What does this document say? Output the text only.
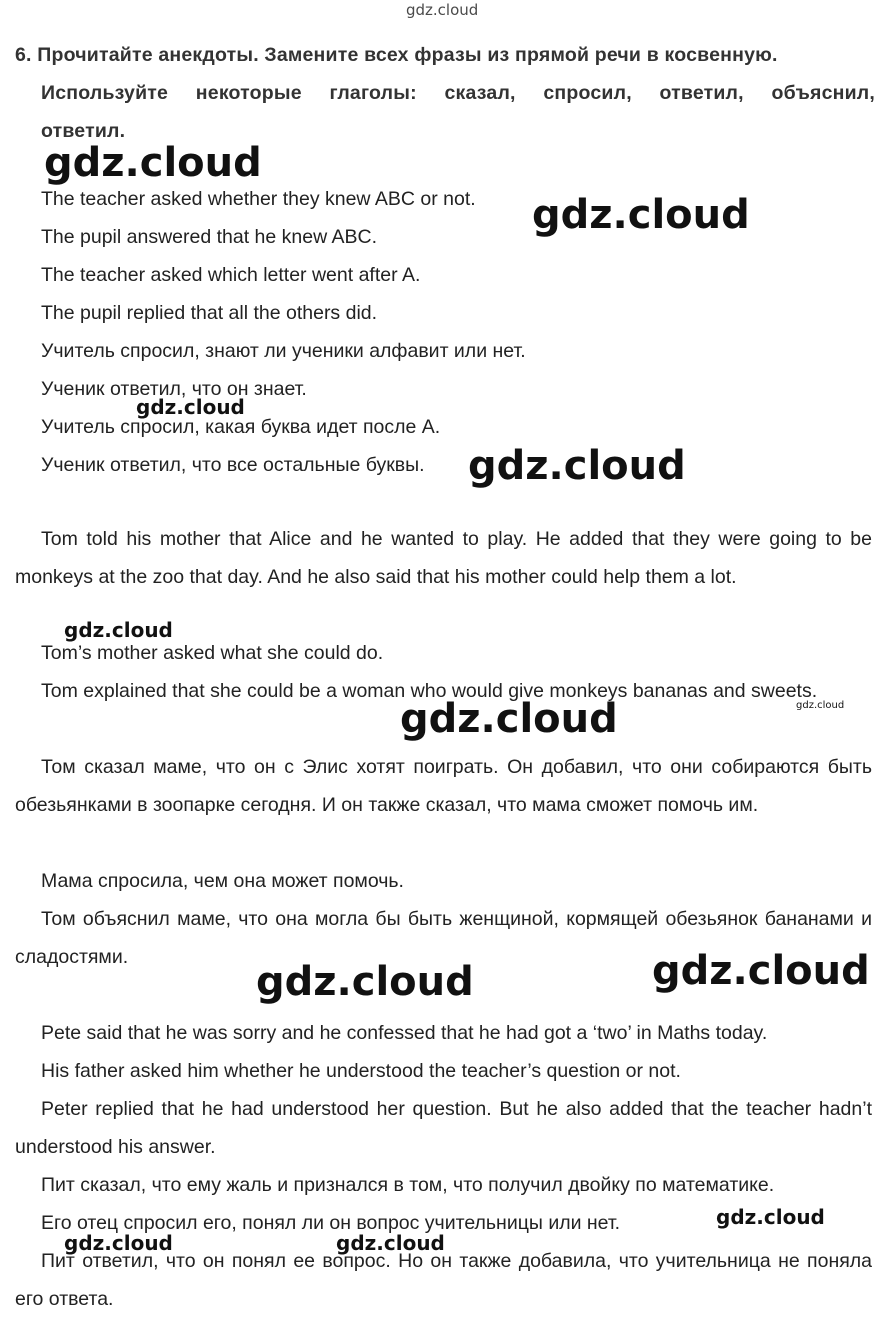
gdz.cloud
6. Прочитайте анекдоты. Замените всех фразы из прямой речи в косвенную.
Используйте некоторые глаголы: сказал, спросил, ответил, объяснил,
ответил.
The teacher asked whether they knew ABC or not.
The pupil answered that he knew ABC.
The teacher asked which letter went after A.
The pupil replied that all the others did.
Учитель спросил, знают ли ученики алфавит или нет.
Ученик ответил, что он знает.
Учитель спросил, какая буква идет после А.
Ученик ответил, что все остальные буквы.
Tom told his mother that Alice and he wanted to play. He added that they were going to be monkeys at the zoo that day. And he also said that his mother could help them a lot.
Tom’s mother asked what she could do.
Tom explained that she could be a woman who would give monkeys bananas and sweets.
Том сказал маме, что он с Элис хотят поиграть. Он добавил, что они собираются быть обезьянками в зоопарке сегодня. И он также сказал, что мама сможет помочь им.
Мама спросила, чем она может помочь.
Том объяснил маме, что она могла бы быть женщиной, кормящей обезьянок бананами и сладостями.
Pete said that he was sorry and he confessed that he had got a ‘two’ in Maths today.
His father asked him whether he understood the teacher’s question or not.
Peter replied that he had understood her question. But he also added that the teacher hadn’t understood his answer.
Пит сказал, что ему жаль и признался в том, что получил двойку по математике.
Его отец спросил его, понял ли он вопрос учительницы или нет.
Пит ответил, что он понял ее вопрос. Но он также добавила, что учительница не поняла его ответа.
gdz.cloud
gdz.cloud
gdz.cloud
gdz.cloud
gdz.cloud
gdz.cloud
gdz.cloud
gdz.cloud	gdz.cloud
gdz.cloud
gdz.cloud	gdz.cloud
